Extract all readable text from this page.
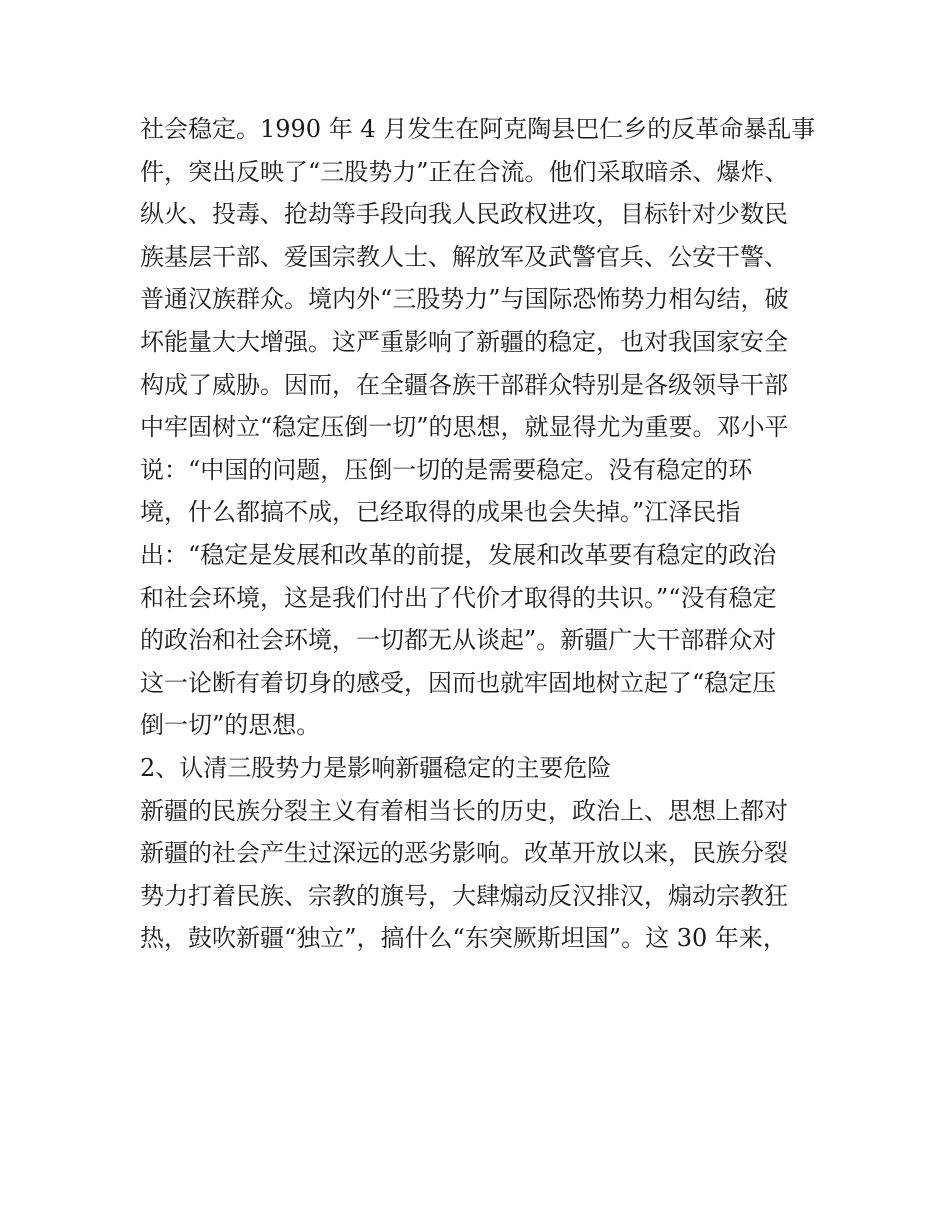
社会稳定。1990 年 4 月发生在阿克陶县巴仁乡的反革命暴乱事
件，突出反映了“三股势力”正在合流。他们采取暗杀、爆炸、
纵火、投毒、抢劫等手段向我人民政权进攻，目标针对少数民
族基层干部、爱国宗教人士、解放军及武警官兵、公安干警、
普通汉族群众。境内外“三股势力”与国际恐怖势力相勾结，破
坏能量大大增强。这严重影响了新疆的稳定，也对我国家安全
构成了威胁。因而，在全疆各族干部群众特别是各级领导干部
中牢固树立“稳定压倒一切”的思想，就显得尤为重要。邓小平
说：“中国的问题，压倒一切的是需要稳定。没有稳定的环
境，什么都搞不成，已经取得的成果也会失掉。”江泽民指
出：“稳定是发展和改革的前提，发展和改革要有稳定的政治
和社会环境，这是我们付出了代价才取得的共识。”“没有稳定
的政治和社会环境，一切都无从谈起”。新疆广大干部群众对
这一论断有着切身的感受，因而也就牢固地树立起了“稳定压
倒一切”的思想。
2、认清三股势力是影响新疆稳定的主要危险
新疆的民族分裂主义有着相当长的历史，政治上、思想上都对
新疆的社会产生过深远的恶劣影响。改革开放以来，民族分裂
势力打着民族、宗教的旗号，大肆煽动反汉排汉，煽动宗教狂
热，鼓吹新疆“独立”，搞什么“东突厥斯坦国”。这 30 年来，
